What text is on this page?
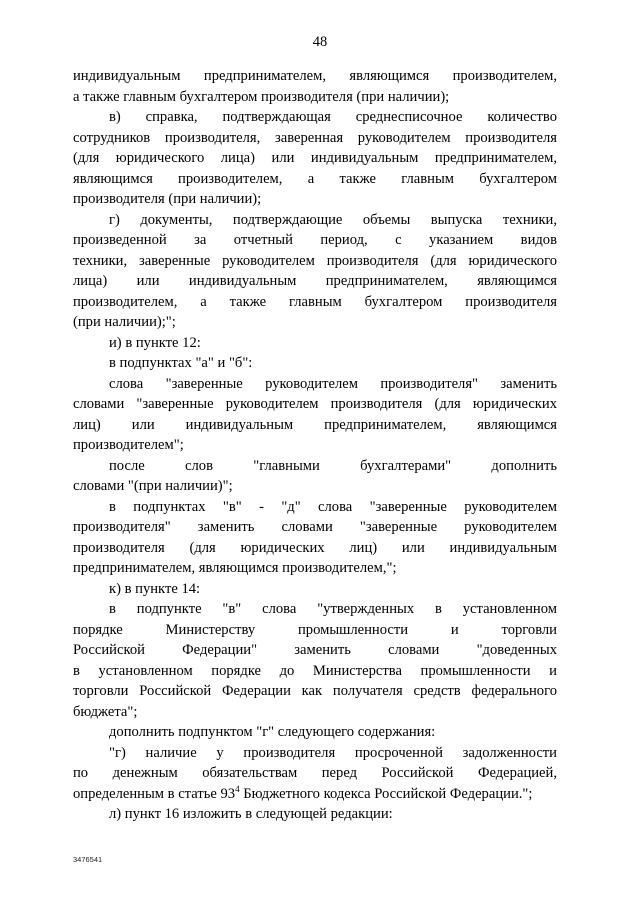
48

индивидуальным предпринимателем, являющимся производителем,
а также главным бухгалтером производителя (при наличии);

в) справка, подтверждающая среднесписочное количество
сотрудников производителя, заверенная руководителем производителя
(для юридического лица) или индивидуальным предпринимателем,
являющимся производителем, а также главным бухгалтером
производителя (при наличии);

г) документы, подтверждающие объемы выпуска техники,
произведенной за отчетный период, с указанием видов
техники, заверенные руководителем производителя (для юридического
лица) или индивидуальным предпринимателем, являющимся
производителем, а также главным бухгалтером производителя
(при наличии);";

и) в пункте 12:

в подпунктах "а" и "б":

слова "заверенные руководителем производителя" заменить
словами "заверенные руководителем производителя (для юридических
лиц) или индивидуальным предпринимателем, являющимся
производителем";

после слов "главными бухгалтерами" дополнить
словами "(при наличии)";

в подпунктах "в" - "д" слова "заверенные руководителем
производителя" заменить словами "заверенные руководителем
производителя (для юридических лиц) или индивидуальным
предпринимателем, являющимся производителем,";

к) в пункте 14:

в подпункте "в" слова "утвержденных в установленном
порядке Министерству промышленности и торговли
Российской Федерации" заменить словами "доведенных
в установленном порядке до Министерства промышленности и
торговли Российской Федерации как получателя средств федерального
бюджета";

дополнить подпунктом "г" следующего содержания:

"г) наличие у производителя просроченной задолженности
по денежным обязательствам перед Российской Федерацией,
определенным в статье $93^4$ Бюджетного кодекса Российской Федерации.";

л) пункт 16 изложить в следующей редакции:

3476541
